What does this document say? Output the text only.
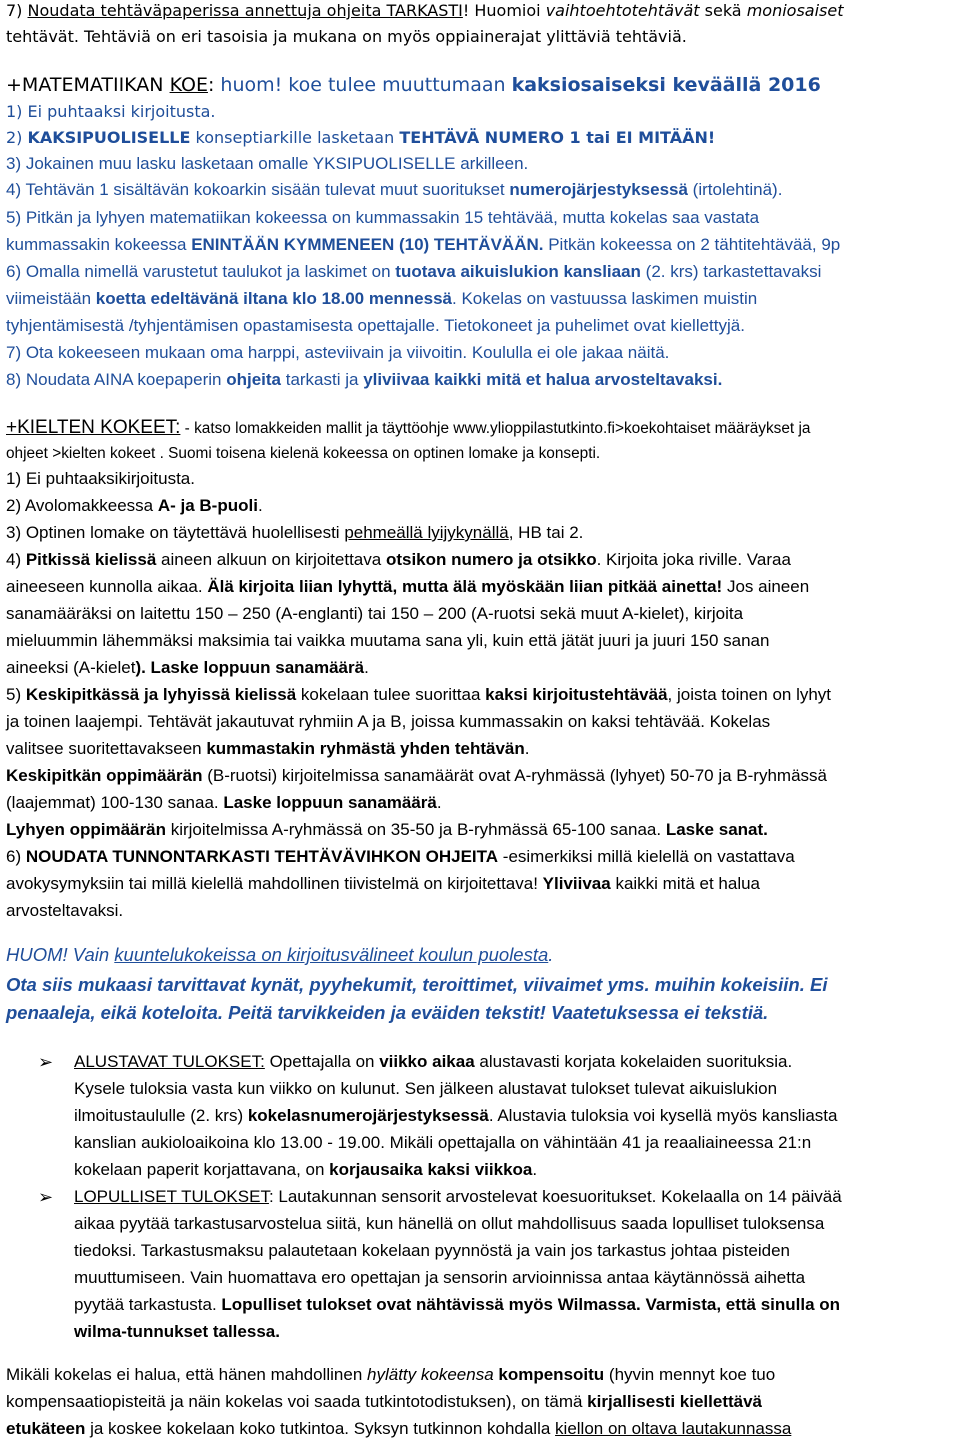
7) Noudata tehtäväpaperissa annettuja ohjeita TARKASTI! Huomioi vaihtoehtotehtävät sekä moniosaiset
tehtävät. Tehtäviä on eri tasoisia ja mukana on myös oppiainerajat ylittäviä tehtäviä.
+MATEMATIIKAN KOE: huom! koe tulee muuttumaan kaksiosaiseksi keväällä 2016
1) Ei puhtaaksi kirjoitusta.
2) KAKSIPUOLISELLE konseptiarkille lasketaan TEHTÄVÄ NUMERO 1 tai EI MITÄÄN!
3) Jokainen muu lasku lasketaan omalle YKSIPUOLISELLE arkilleen.
4) Tehtävän 1 sisältävän kokoarkin sisään tulevat muut suoritukset numerojärjestyksessä (irtolehtinä).
5) Pitkän ja lyhyen matematiikan kokeessa on kummassakin 15 tehtävää, mutta kokelas saa vastata
kummassakin kokeessa ENINTÄÄN KYMMENEEN (10) TEHTÄVÄÄN. Pitkän kokeessa on 2 tähtitehtävää, 9p
6) Omalla nimellä varustetut taulukot ja laskimet on tuotava aikuislukion kansliaan (2. krs) tarkastettavaksi
viimeistään koetta edeltävänä iltana klo 18.00 mennessä. Kokelas on vastuussa laskimen muistin
tyhjentämisestä /tyhjentämisen opastamisesta opettajalle. Tietokoneet ja puhelimet ovat kiellettyjä.
7) Ota kokeeseen mukaan oma harppi, asteviivain ja viivoitin. Koululla ei ole jakaa näitä.
8) Noudata AINA koepaperin ohjeita tarkasti ja yliviivaa kaikki mitä et halua arvosteltavaksi.
+KIELTEN KOKEET: - katso lomakkeiden mallit ja täyttöohje www.ylioppilastutkinto.fi>koekohtaiset määräykset ja
ohjeet >kielten kokeet . Suomi toisena kielenä kokeessa on optinen lomake ja konsepti.
1) Ei puhtaaksikirjoitusta.
2) Avolomakkeessa A- ja B-puoli.
3) Optinen lomake on täytettävä huolellisesti pehmeällä lyijykynällä, HB tai 2.
4) Pitkissä kielissä aineen alkuun on kirjoitettava otsikon numero ja otsikko. Kirjoita joka riville. Varaa
aineeseen kunnolla aikaa. Älä kirjoita liian lyhyttä, mutta älä myöskään liian pitkää ainetta! Jos aineen
sanamääräksi on laitettu 150 – 250 (A-englanti) tai 150 – 200 (A-ruotsi sekä muut A-kielet), kirjoita
mieluummin lähemmäksi maksimia tai vaikka muutama sana yli, kuin että jätät juuri ja juuri 150 sanan
aineeksi (A-kielet). Laske loppuun sanamäärä.
5) Keskipitkässä ja lyhyissä kielissä kokelaan tulee suorittaa kaksi kirjoitustehtävää, joista toinen on lyhyt
ja toinen laajempi. Tehtävät jakautuvat ryhmiin A ja B, joissa kummassakin on kaksi tehtävää. Kokelas
valitsee suoritettavakseen kummastakin ryhmästä yhden tehtävän.
Keskipitkän oppimäärän (B-ruotsi) kirjoitelmissa sanamäärät ovat A-ryhmässä (lyhyet) 50-70 ja B-ryhmässä
(laajemmat) 100-130 sanaa. Laske loppuun sanamäärä.
Lyhyen oppimäärän kirjoitelmissa A-ryhmässä on 35-50 ja B-ryhmässä 65-100 sanaa. Laske sanat.
6) NOUDATA TUNNONTARKASTI TEHTÄVÄVIHKON OHJEITA -esimerkiksi millä kielellä on vastattava
avokysymyksiin tai millä kielellä mahdollinen tiivistelmä on kirjoitettava! Yliviivaa kaikki mitä et halua
arvosteltavaksi.
HUOM! Vain kuuntelukokeissa on kirjoitusvälineet koulun puolesta.
Ota siis mukaasi tarvittavat kynät, pyyhekumit, teroittimet, viivaimet yms. muihin kokeisiin. Ei
penaaleja, eikä koteloita. Peitä tarvikkeiden ja eväiden tekstit! Vaatetuksessa ei tekstiä.
➢ ALUSTAVAT TULOKSET: Opettajalla on viikko aikaa alustavasti korjata kokelaiden suorituksia.
Kysele tuloksia vasta kun viikko on kulunut. Sen jälkeen alustavat tulokset tulevat aikuislukion
ilmoitustaululle (2. krs) kokelasnumerojärjestyksessä. Alustavia tuloksia voi kysellä myös kansliasta
kanslian aukioloaikoina klo 13.00 - 19.00. Mikäli opettajalla on vähintään 41 ja reaaliaineessa 21:n
kokelaan paperit korjattavana, on korjausaika kaksi viikkoa.
➢ LOPULLISET TULOKSET: Lautakunnan sensorit arvostelevat koesuoritukset. Kokelaalla on 14 päivää
aikaa pyytää tarkastusarvostelua siitä, kun hänellä on ollut mahdollisuus saada lopulliset tuloksensa
tiedoksi. Tarkastusmaksu palautetaan kokelaan pyynnöstä ja vain jos tarkastus johtaa pisteiden
muuttumiseen. Vain huomattava ero opettajan ja sensorin arvioinnissa antaa käytännössä aihetta
pyytää tarkastusta. Lopulliset tulokset ovat nähtävissä myös Wilmassa. Varmista, että sinulla on
wilma-tunnukset tallessa.
Mikäli kokelas ei halua, että hänen mahdollinen hylätty kokeensa kompensoitu (hyvin mennyt koe tuo
kompensaatiopisteitä ja näin kokelas voi saada tutkintotodistuksen), on tämä kirjallisesti kiellettävä
etukäteen ja koskee kokelaan koko tutkintoa. Syksyn tutkinnon kohdalla kiellon on oltava lautakunnassa
